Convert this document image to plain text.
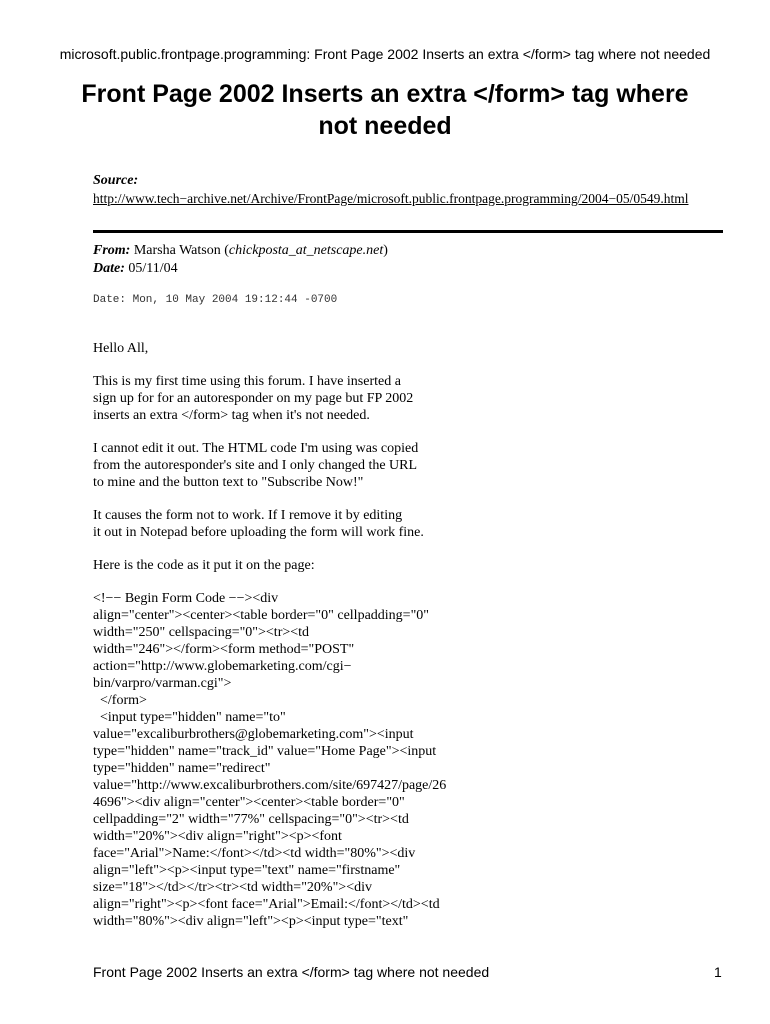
microsoft.public.frontpage.programming: Front Page 2002 Inserts an extra </form> tag where not needed
Front Page 2002 Inserts an extra </form> tag where not needed
Source:
http://www.tech−archive.net/Archive/FrontPage/microsoft.public.frontpage.programming/2004−05/0549.html
From: Marsha Watson (chickposta_at_netscape.net)
Date: 05/11/04
Date: Mon, 10 May 2004 19:12:44 -0700

Hello All,

This is my first time using this forum. I have inserted a
sign up for for an autoresponder on my page but FP 2002
inserts an extra </form> tag when it's not needed.

I cannot edit it out. The HTML code I'm using was copied
from the autoresponder's site and I only changed the URL
to mine and the button text to "Subscribe Now!"

It causes the form not to work. If I remove it by editing
it out in Notepad before uploading the form will work fine.

Here is the code as it put it on the page:

<!−− Begin Form Code −−><div
align="center"><center><table border="0" cellpadding="0"
width="250" cellspacing="0"><tr><td
width="246"></form><form method="POST"
action="http://www.globemarketing.com/cgi−
bin/varpro/varman.cgi">
</form>
<input type="hidden" name="to"
value="excaliburbrothers@globemarketing.com"><input
type="hidden" name="track_id" value="Home Page"><input
type="hidden" name="redirect"
value="http://www.excaliburbrothers.com/site/697427/page/26
4696"><div align="center"><center><table border="0"
cellpadding="2" width="77%" cellspacing="0"><tr><td
width="20%"><div align="right"><p><font
face="Arial">Name:</font></td><td width="80%"><div
align="left"><p><input type="text" name="firstname"
size="18"></td></tr><tr><td width="20%"><div
align="right"><p><font face="Arial">Email:</font></td><td
width="80%"><div align="left"><p><input type="text"
Front Page 2002 Inserts an extra </form> tag where not needed	1
